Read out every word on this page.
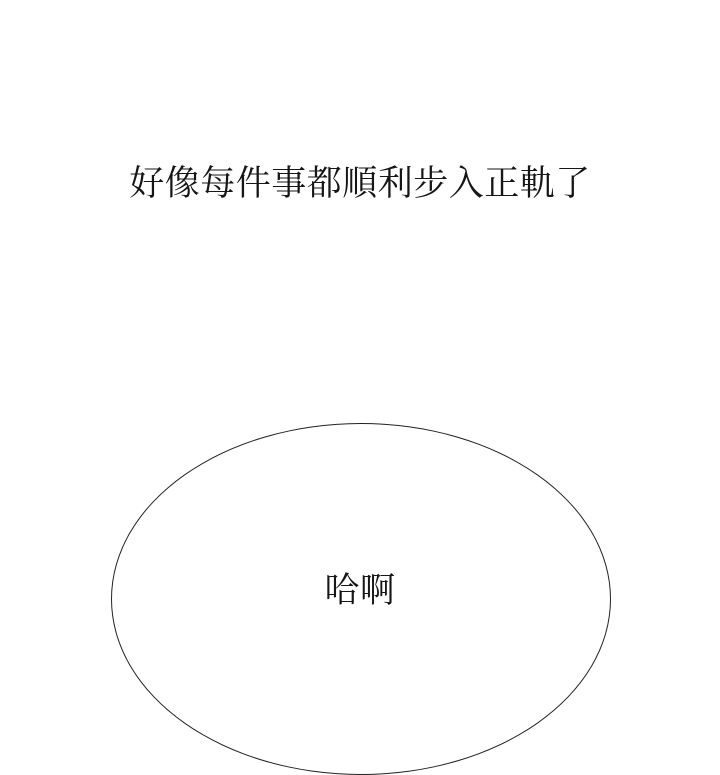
好像每件事都順利步入正軌了
哈啊
